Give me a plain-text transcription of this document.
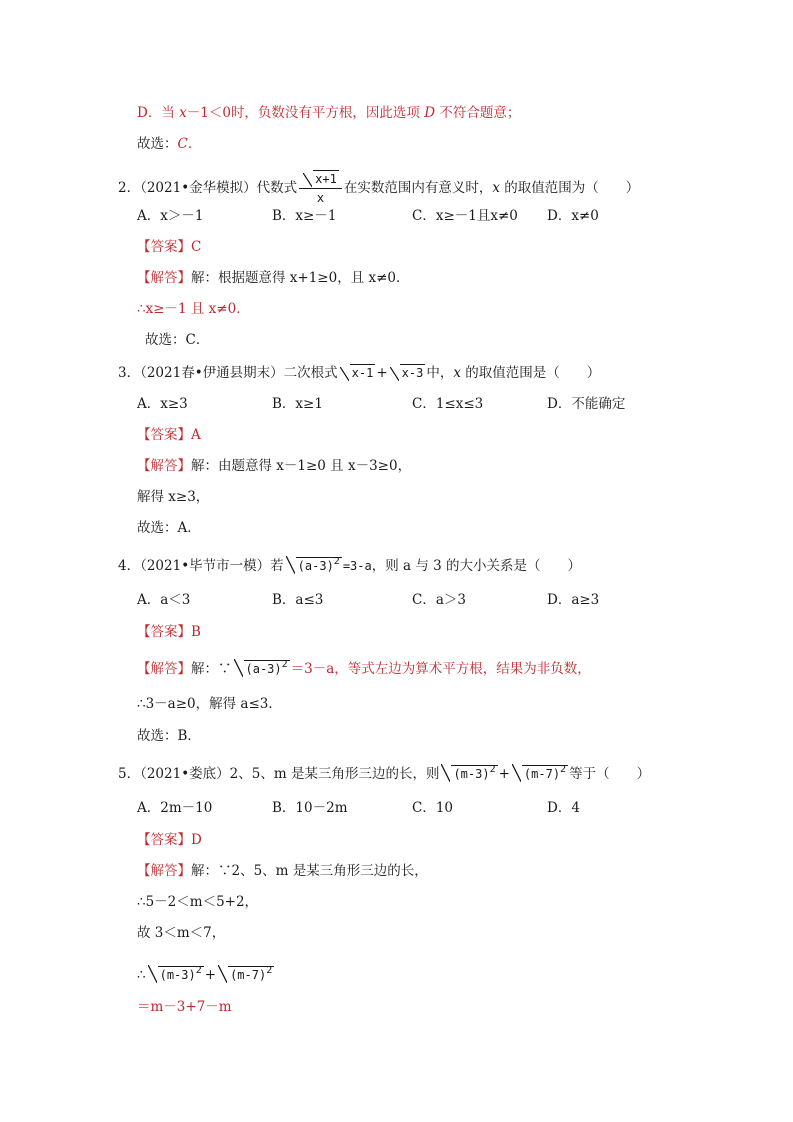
D．当 x－1＜0时，负数没有平方根，因此选项 D 不符合题意；
故选：C．
2．（2021•金华模拟）代数式 $\frac{x+1}{x}$ 在实数范围内有意义时，x 的取值范围为（　　）
A．x＞－1	B．x≥－1	C．x≥－1且x≠0 D．x≠0
【答案】C
【解答】解：根据题意得 x+1≥0，且 x≠0．
∴x≥－1 且 x≠0．
故选：C．
3．（2021春•伊通县期末）二次根式 x-1 + x-3 中，x 的取值范围是（　　）
A．x≥3	B．x≥1	C．1≤x≤3	D．不能确定
【答案】A
【解答】解：由题意得 x－1≥0 且 x－3≥0，
解得 x≥3，
故选：A．
4．（2021•毕节市一模）若 $(a-3)^2 =3-a$，则 a 与 3 的大小关系是（　　）
A．a＜3	B．a≤3	C．a＞3	D．a≥3
【答案】B
【解答】解：∵ $(a-3)^2 =3-a$，等式左边为算术平方根，结果为非负数，
∴3－a≥0，解得 a≤3．
故选：B．
5．（2021•娄底）2、5、m 是某三角形三边的长，则 $(m-3)^2 + (m-7)^2$ 等于（　　）
A．2m－10	B．10－2m	C．10	D．4
【答案】D
【解答】解：∵2、5、m 是某三角形三边的长，
∴5－2＜m＜5+2，
故 3＜m＜7，
∴ $(m-3)^2 + (m-7)^2$
＝m－3+7－m
